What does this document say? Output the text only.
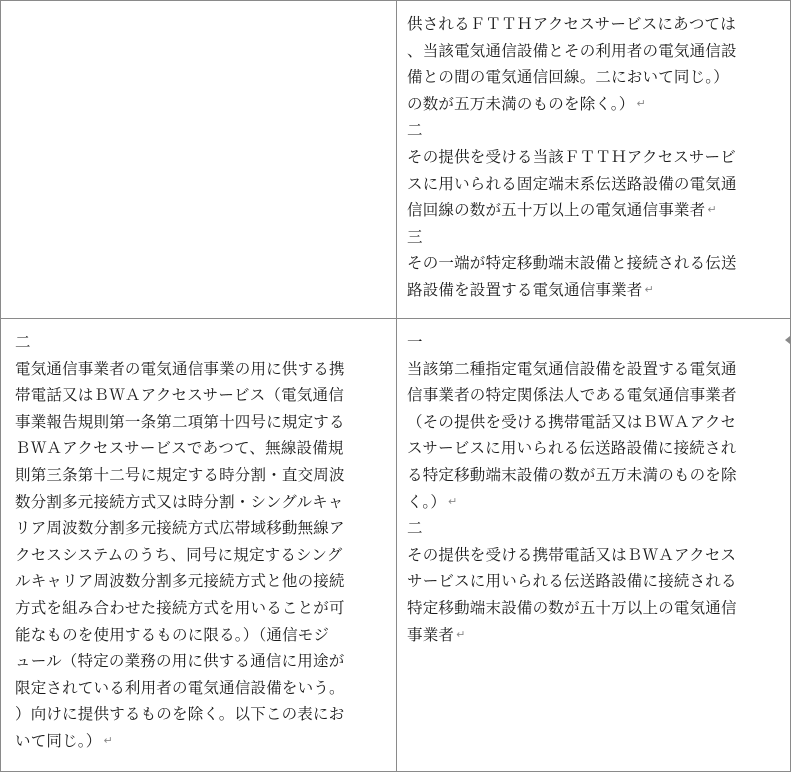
供されるＦＴＴＨアクセスサービスにあつては
、当該電気通信設備とその利用者の電気通信設
備との間の電気通信回線。二において同じ。）
の数が五万未満のものを除く。） ↵
二
その提供を受ける当該ＦＴＴＨアクセスサービ
スに用いられる固定端末系伝送路設備の電気通
信回線の数が五十万以上の電気通信事業者 ↵
三
その一端が特定移動端末設備と接続される伝送
路設備を設置する電気通信事業者 ↵
二
電気通信事業者の電気通信事業の用に供する携
帯電話又はＢＷＡアクセスサービス（電気通信
事業報告規則第一条第二項第十四号に規定する
ＢＷＡアクセスサービスであつて、無線設備規
則第三条第十二号に規定する時分割・直交周波
数分割多元接続方式又は時分割・シングルキャ
リア周波数分割多元接続方式広帯域移動無線ア
クセスシステムのうち、同号に規定するシング
ルキャリア周波数分割多元接続方式と他の接続
方式を組み合わせた接続方式を用いることが可
能なものを使用するものに限る。）（通信モジ
ュール（特定の業務の用に供する通信に用途が
限定されている利用者の電気通信設備をいう。
）向けに提供するものを除く。以下この表にお
いて同じ。） ↵
一
当該第二種指定電気通信設備を設置する電気通
信事業者の特定関係法人である電気通信事業者
（その提供を受ける携帯電話又はＢＷＡアクセ
スサービスに用いられる伝送路設備に接続され
る特定移動端末設備の数が五万未満のものを除
く。） ↵
二
その提供を受ける携帯電話又はＢＷＡアクセス
サービスに用いられる伝送路設備に接続される
特定移動端末設備の数が五十万以上の電気通信
事業者 ↵
